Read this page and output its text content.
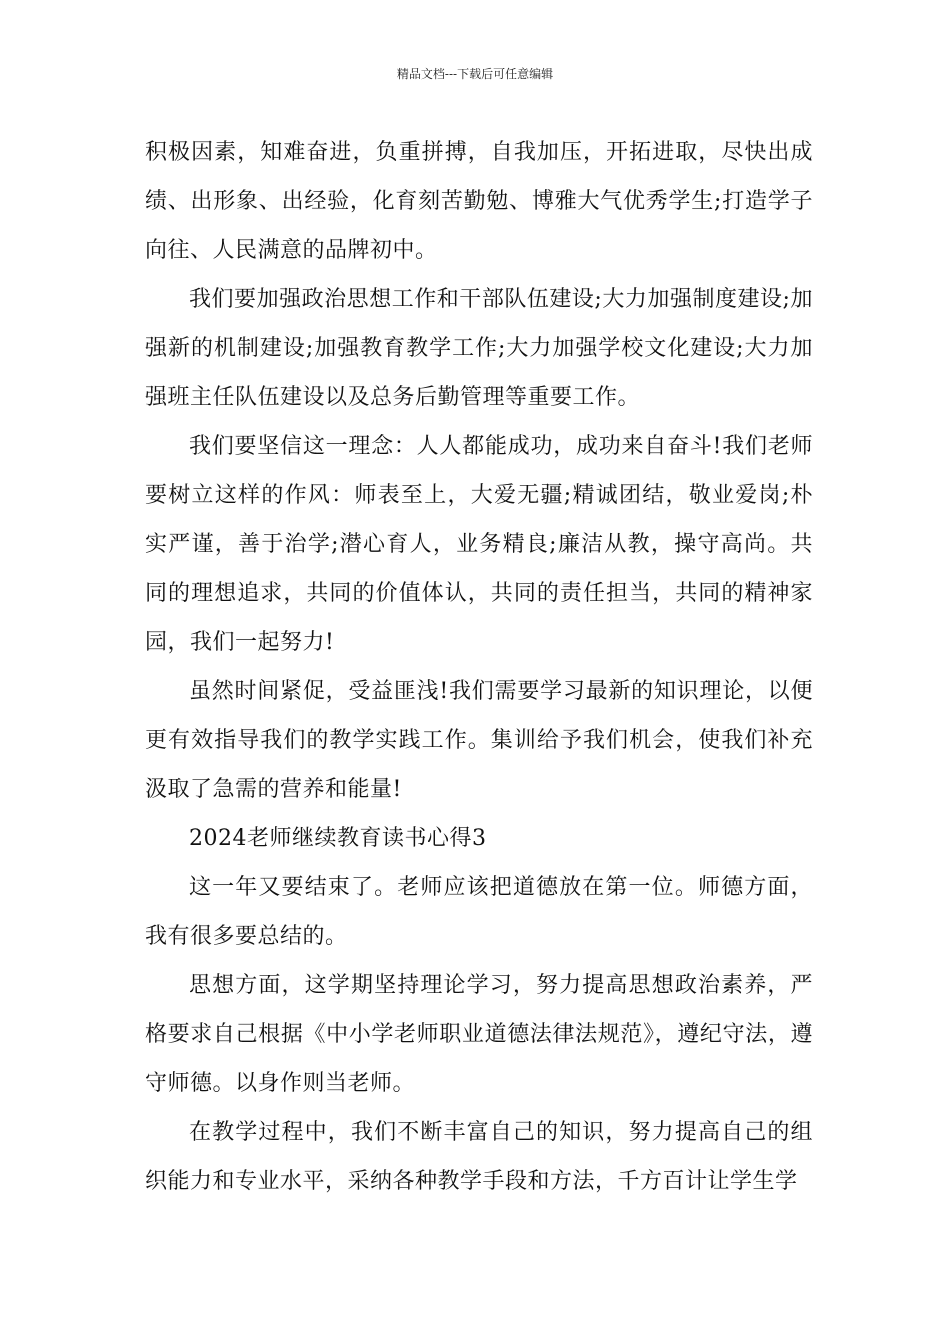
精品文档---下载后可任意编辑

积极因素，知难奋进，负重拼搏，自我加压，开拓进取，尽快出成绩、出形象、出经验，化育刻苦勤勉、博雅大气优秀学生;打造学子向往、人民满意的品牌初中。

我们要加强政治思想工作和干部队伍建设;大力加强制度建设;加强新的机制建设;加强教育教学工作;大力加强学校文化建设;大力加强班主任队伍建设以及总务后勤管理等重要工作。

我们要坚信这一理念：人人都能成功，成功来自奋斗!我们老师要树立这样的作风：师表至上，大爱无疆;精诚团结，敬业爱岗;朴实严谨，善于治学;潜心育人，业务精良;廉洁从教，操守高尚。共同的理想追求，共同的价值体认，共同的责任担当，共同的精神家园，我们一起努力!

虽然时间紧促，受益匪浅!我们需要学习最新的知识理论，以便更有效指导我们的教学实践工作。集训给予我们机会，使我们补充汲取了急需的营养和能量!

2024老师继续教育读书心得3

这一年又要结束了。老师应该把道德放在第一位。师德方面，我有很多要总结的。

思想方面，这学期坚持理论学习，努力提高思想政治素养，严格要求自己根据《中小学老师职业道德法律法规范》，遵纪守法，遵守师德。以身作则当老师。

在教学过程中，我们不断丰富自己的知识，努力提高自己的组织能力和专业水平，采纳各种教学手段和方法，千方百计让学生学
